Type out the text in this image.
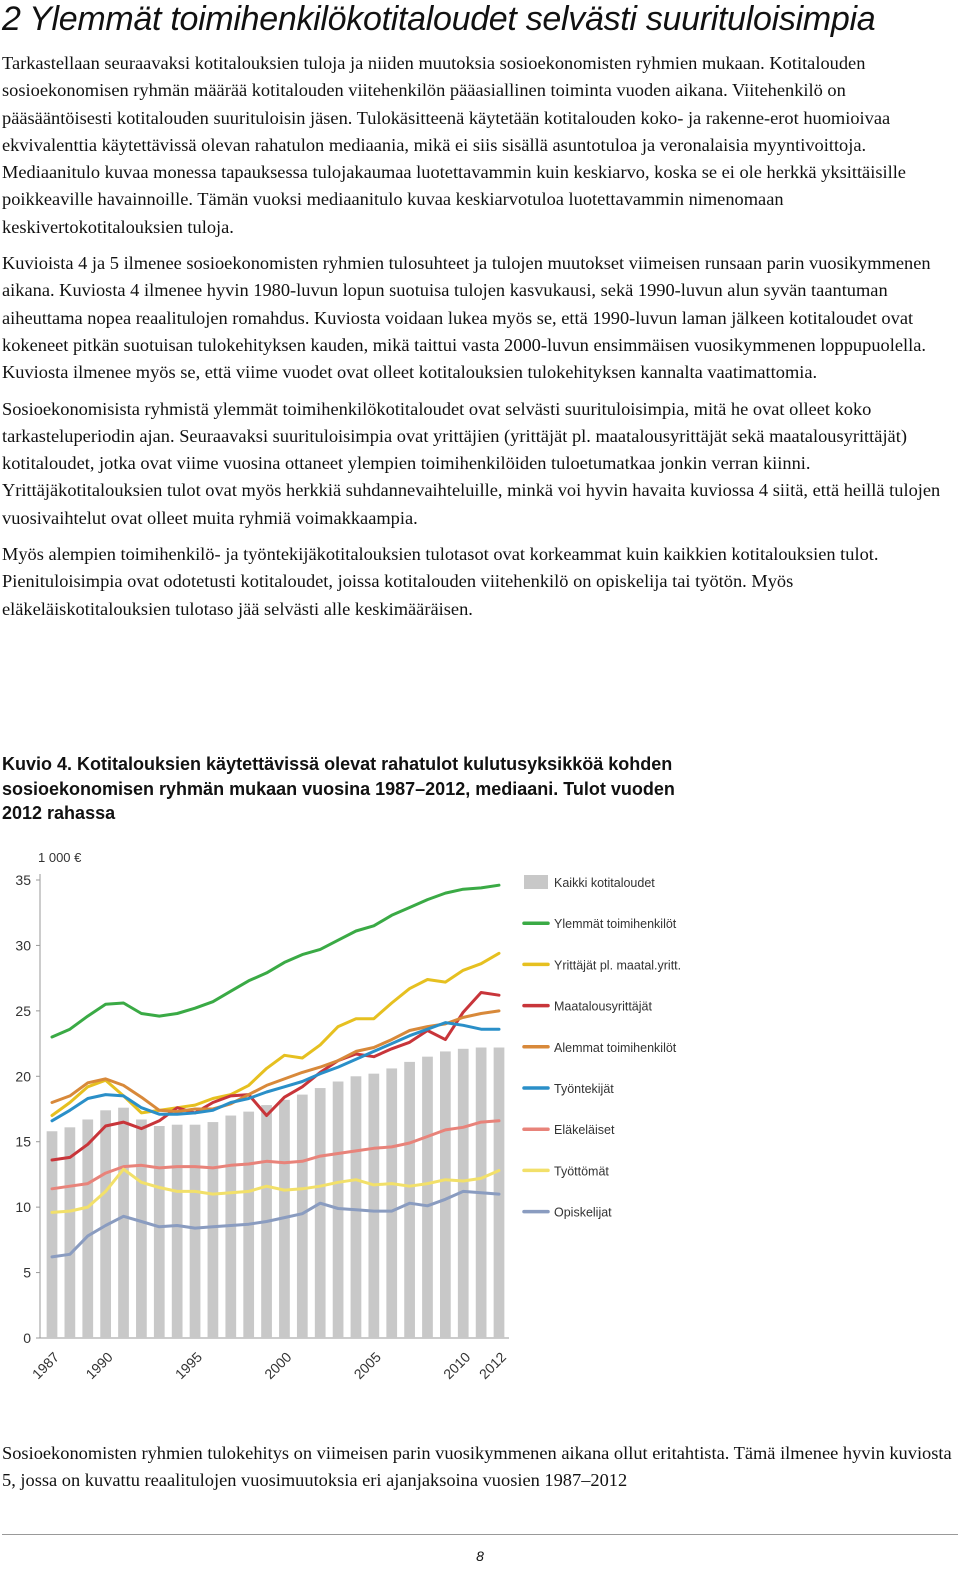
2 Ylemmät toimihenkilökotitaloudet selvästi suurituloisimpia

Tarkastellaan seuraavaksi kotitalouksien tuloja ja niiden muutoksia sosioekonomisten ryhmien mukaan. Kotitalouden sosioekonomisen ryhmän määrää kotitalouden viitehenkilön pääasiallinen toiminta vuoden aikana. Viitehenkilö on pääsääntöisesti kotitalouden suurituloisin jäsen. Tulokäsitteenä käytetään kotitalouden koko- ja rakenne-erot huomioivaa ekvivalenttia käytettävissä olevan rahatulon mediaania, mikä ei siis sisällä asuntotuloa ja veronalaisia myyntivoittoja. Mediaanitulo kuvaa monessa tapauksessa tulojakaumaa luotettavammin kuin keskiarvo, koska se ei ole herkkä yksittäisille poikkeaville havainnoille. Tämän vuoksi mediaanitulo kuvaa keskiarvotuloa luotettavammin nimenomaan keskivertokotitalouksien tuloja.

Kuvioista 4 ja 5 ilmenee sosioekonomisten ryhmien tulosuhteet ja tulojen muutokset viimeisen runsaan parin vuosikymmenen aikana. Kuviosta 4 ilmenee hyvin 1980-luvun lopun suotuisa tulojen kasvukausi, sekä 1990-luvun alun syvän taantuman aiheuttama nopea reaalitulojen romahdus. Kuviosta voidaan lukea myös se, että 1990-luvun laman jälkeen kotitaloudet ovat kokeneet pitkän suotuisan tulokehityksen kauden, mikä taittui vasta 2000-luvun ensimmäisen vuosikymmenen loppupuolella. Kuviosta ilmenee myös se, että viime vuodet ovat olleet kotitalouksien tulokehityksen kannalta vaatimattomia.

Sosioekonomisista ryhmistä ylemmät toimihenkilökotitaloudet ovat selvästi suurituloisimpia, mitä he ovat olleet koko tarkasteluperiodin ajan. Seuraavaksi suurituloisimpia ovat yrittäjien (yrittäjät pl. maatalousyrittäjät sekä maatalousyrittäjät) kotitaloudet, jotka ovat viime vuosina ottaneet ylempien toimihenkilöiden tuloetumatkaa jonkin verran kiinni. Yrittäjäkotitalouksien tulot ovat myös herkkiä suhdannevaihteluille, minkä voi hyvin havaita kuviossa 4 siitä, että heillä tulojen vuosivaihtelut ovat olleet muita ryhmiä voimakkaampia.

Myös alempien toimihenkilö- ja työntekijäkotitalouksien tulotasot ovat korkeammat kuin kaikkien kotitalouksien tulot. Pienituloisimpia ovat odotetusti kotitaloudet, joissa kotitalouden viitehenkilö on opiskelija tai työtön. Myös eläkeläiskotitalouksien tulotaso jää selvästi alle keskimääräisen.

Kuvio 4. Kotitalouksien käytettävissä olevat rahatulot kulutusyksikköä kohden sosioekonomisen ryhmän mukaan vuosina 1987–2012, mediaani. Tulot vuoden 2012 rahassa

0
5
10
15
20
25
30
35
1987 1990	1995	2000	2005	2010 2012
Kaikki kotitaloudet
Ylemmät toimihenkilöt
Yrittäjät pl. maatal.yritt.
Maatalousyrittäjät
Alemmat toimihenkilöt
Työntekijät
Eläkeläiset
Työttömät
Opiskelijat
1 000 €

Sosioekonomisten ryhmien tulokehitys on viimeisen parin vuosikymmenen aikana ollut eritahtista. Tämä ilmenee hyvin kuviosta 5, jossa on kuvattu reaalitulojen vuosimuutoksia eri ajanjaksoina vuosien 1987–2012

8
